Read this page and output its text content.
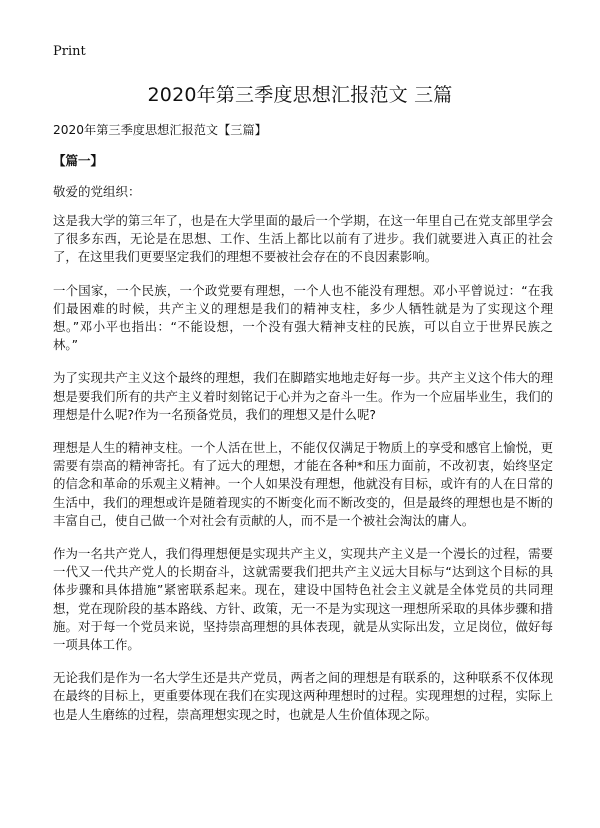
Print
2020年第三季度思想汇报范文 三篇
2020年第三季度思想汇报范文【三篇】
【篇一】
敬爱的党组织：

这是我大学的第三年了，也是在大学里面的最后一个学期，在这一年里自己在党支部里学会了很多东西，无论是在思想、工作、生活上都比以前有了进步。我们就要进入真正的社会了，在这里我们更要坚定我们的理想不要被社会存在的不良因素影响。

一个国家，一个民族，一个政党要有理想，一个人也不能没有理想。邓小平曾说过：“在我们最困难的时候，共产主义的理想是我们的精神支柱，多少人牺牲就是为了实现这个理想。”邓小平也指出：“不能设想，一个没有强大精神支柱的民族，可以自立于世界民族之林。”

为了实现共产主义这个最终的理想，我们在脚踏实地地走好每一步。共产主义这个伟大的理想是要我们所有的共产主义着时刻铭记于心并为之奋斗一生。作为一个应届毕业生，我们的理想是什么呢?作为一名预备党员，我们的理想又是什么呢?

理想是人生的精神支柱。一个人活在世上，不能仅仅满足于物质上的享受和感官上愉悦，更需要有崇高的精神寄托。有了远大的理想，才能在各种*和压力面前，不改初衷，始终坚定的信念和革命的乐观主义精神。一个人如果没有理想，他就没有目标，或许有的人在日常的生活中，我们的理想或许是随着现实的不断变化而不断改变的，但是最终的理想也是不断的丰富自己，使自己做一个对社会有贡献的人，而不是一个被社会淘汰的庸人。

作为一名共产党人，我们得理想便是实现共产主义，实现共产主义是一个漫长的过程，需要一代又一代共产党人的长期奋斗，这就需要我们把共产主义远大目标与“达到这个目标的具体步骤和具体措施”紧密联系起来。现在，建设中国特色社会主义就是全体党员的共同理想，党在现阶段的基本路线、方针、政策，无一不是为实现这一理想所采取的具体步骤和措施。对于每一个党员来说，坚持崇高理想的具体表现，就是从实际出发，立足岗位，做好每一项具体工作。

无论我们是作为一名大学生还是共产党员，两者之间的理想是有联系的，这种联系不仅体现在最终的目标上，更重要体现在我们在实现这两种理想时的过程。实现理想的过程，实际上也是人生磨练的过程，崇高理想实现之时，也就是人生价值体现之际。
